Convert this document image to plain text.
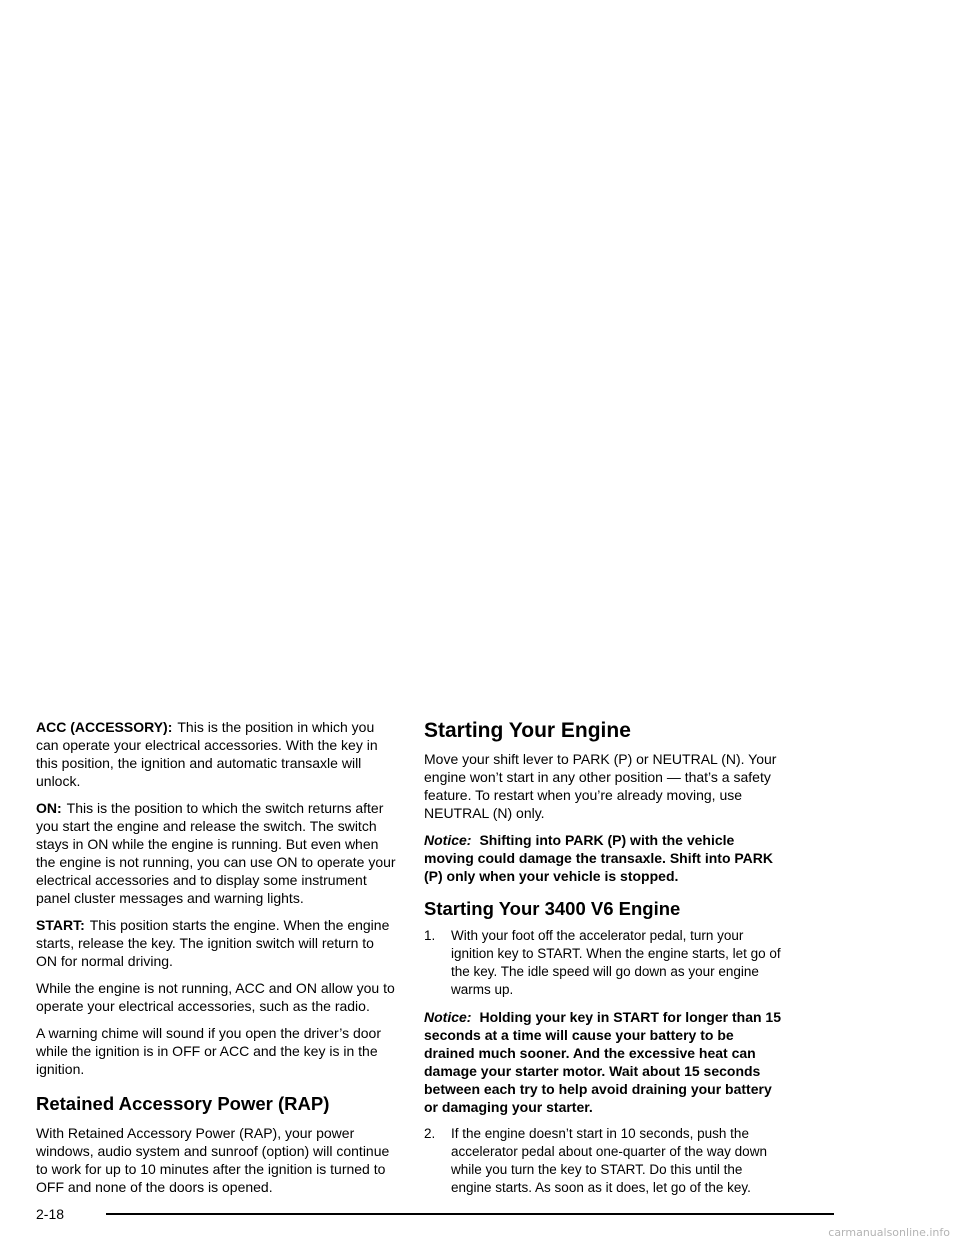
ACC (ACCESSORY): This is the position in which you can operate your electrical accessories. With the key in this position, the ignition and automatic transaxle will unlock.

ON: This is the position to which the switch returns after you start the engine and release the switch. The switch stays in ON while the engine is running. But even when the engine is not running, you can use ON to operate your electrical accessories and to display some instrument panel cluster messages and warning lights.

START: This position starts the engine. When the engine starts, release the key. The ignition switch will return to ON for normal driving.

While the engine is not running, ACC and ON allow you to operate your electrical accessories, such as the radio.

A warning chime will sound if you open the driver’s door while the ignition is in OFF or ACC and the key is in the ignition.

Retained Accessory Power (RAP)

With Retained Accessory Power (RAP), your power windows, audio system and sunroof (option) will continue to work for up to 10 minutes after the ignition is turned to OFF and none of the doors is opened.

Starting Your Engine

Move your shift lever to PARK (P) or NEUTRAL (N). Your engine won’t start in any other position — that’s a safety feature. To restart when you’re already moving, use NEUTRAL (N) only.

Notice: Shifting into PARK (P) with the vehicle moving could damage the transaxle. Shift into PARK (P) only when your vehicle is stopped.

Starting Your 3400 V6 Engine
1. With your foot off the accelerator pedal, turn your ignition key to START. When the engine starts, let go of the key. The idle speed will go down as your engine warms up.

Notice: Holding your key in START for longer than 15 seconds at a time will cause your battery to be drained much sooner. And the excessive heat can damage your starter motor. Wait about 15 seconds between each try to help avoid draining your battery or damaging your starter.

2. If the engine doesn’t start in 10 seconds, push the accelerator pedal about one-quarter of the way down while you turn the key to START. Do this until the engine starts. As soon as it does, let go of the key.
2-18
carmanualsonline.info
